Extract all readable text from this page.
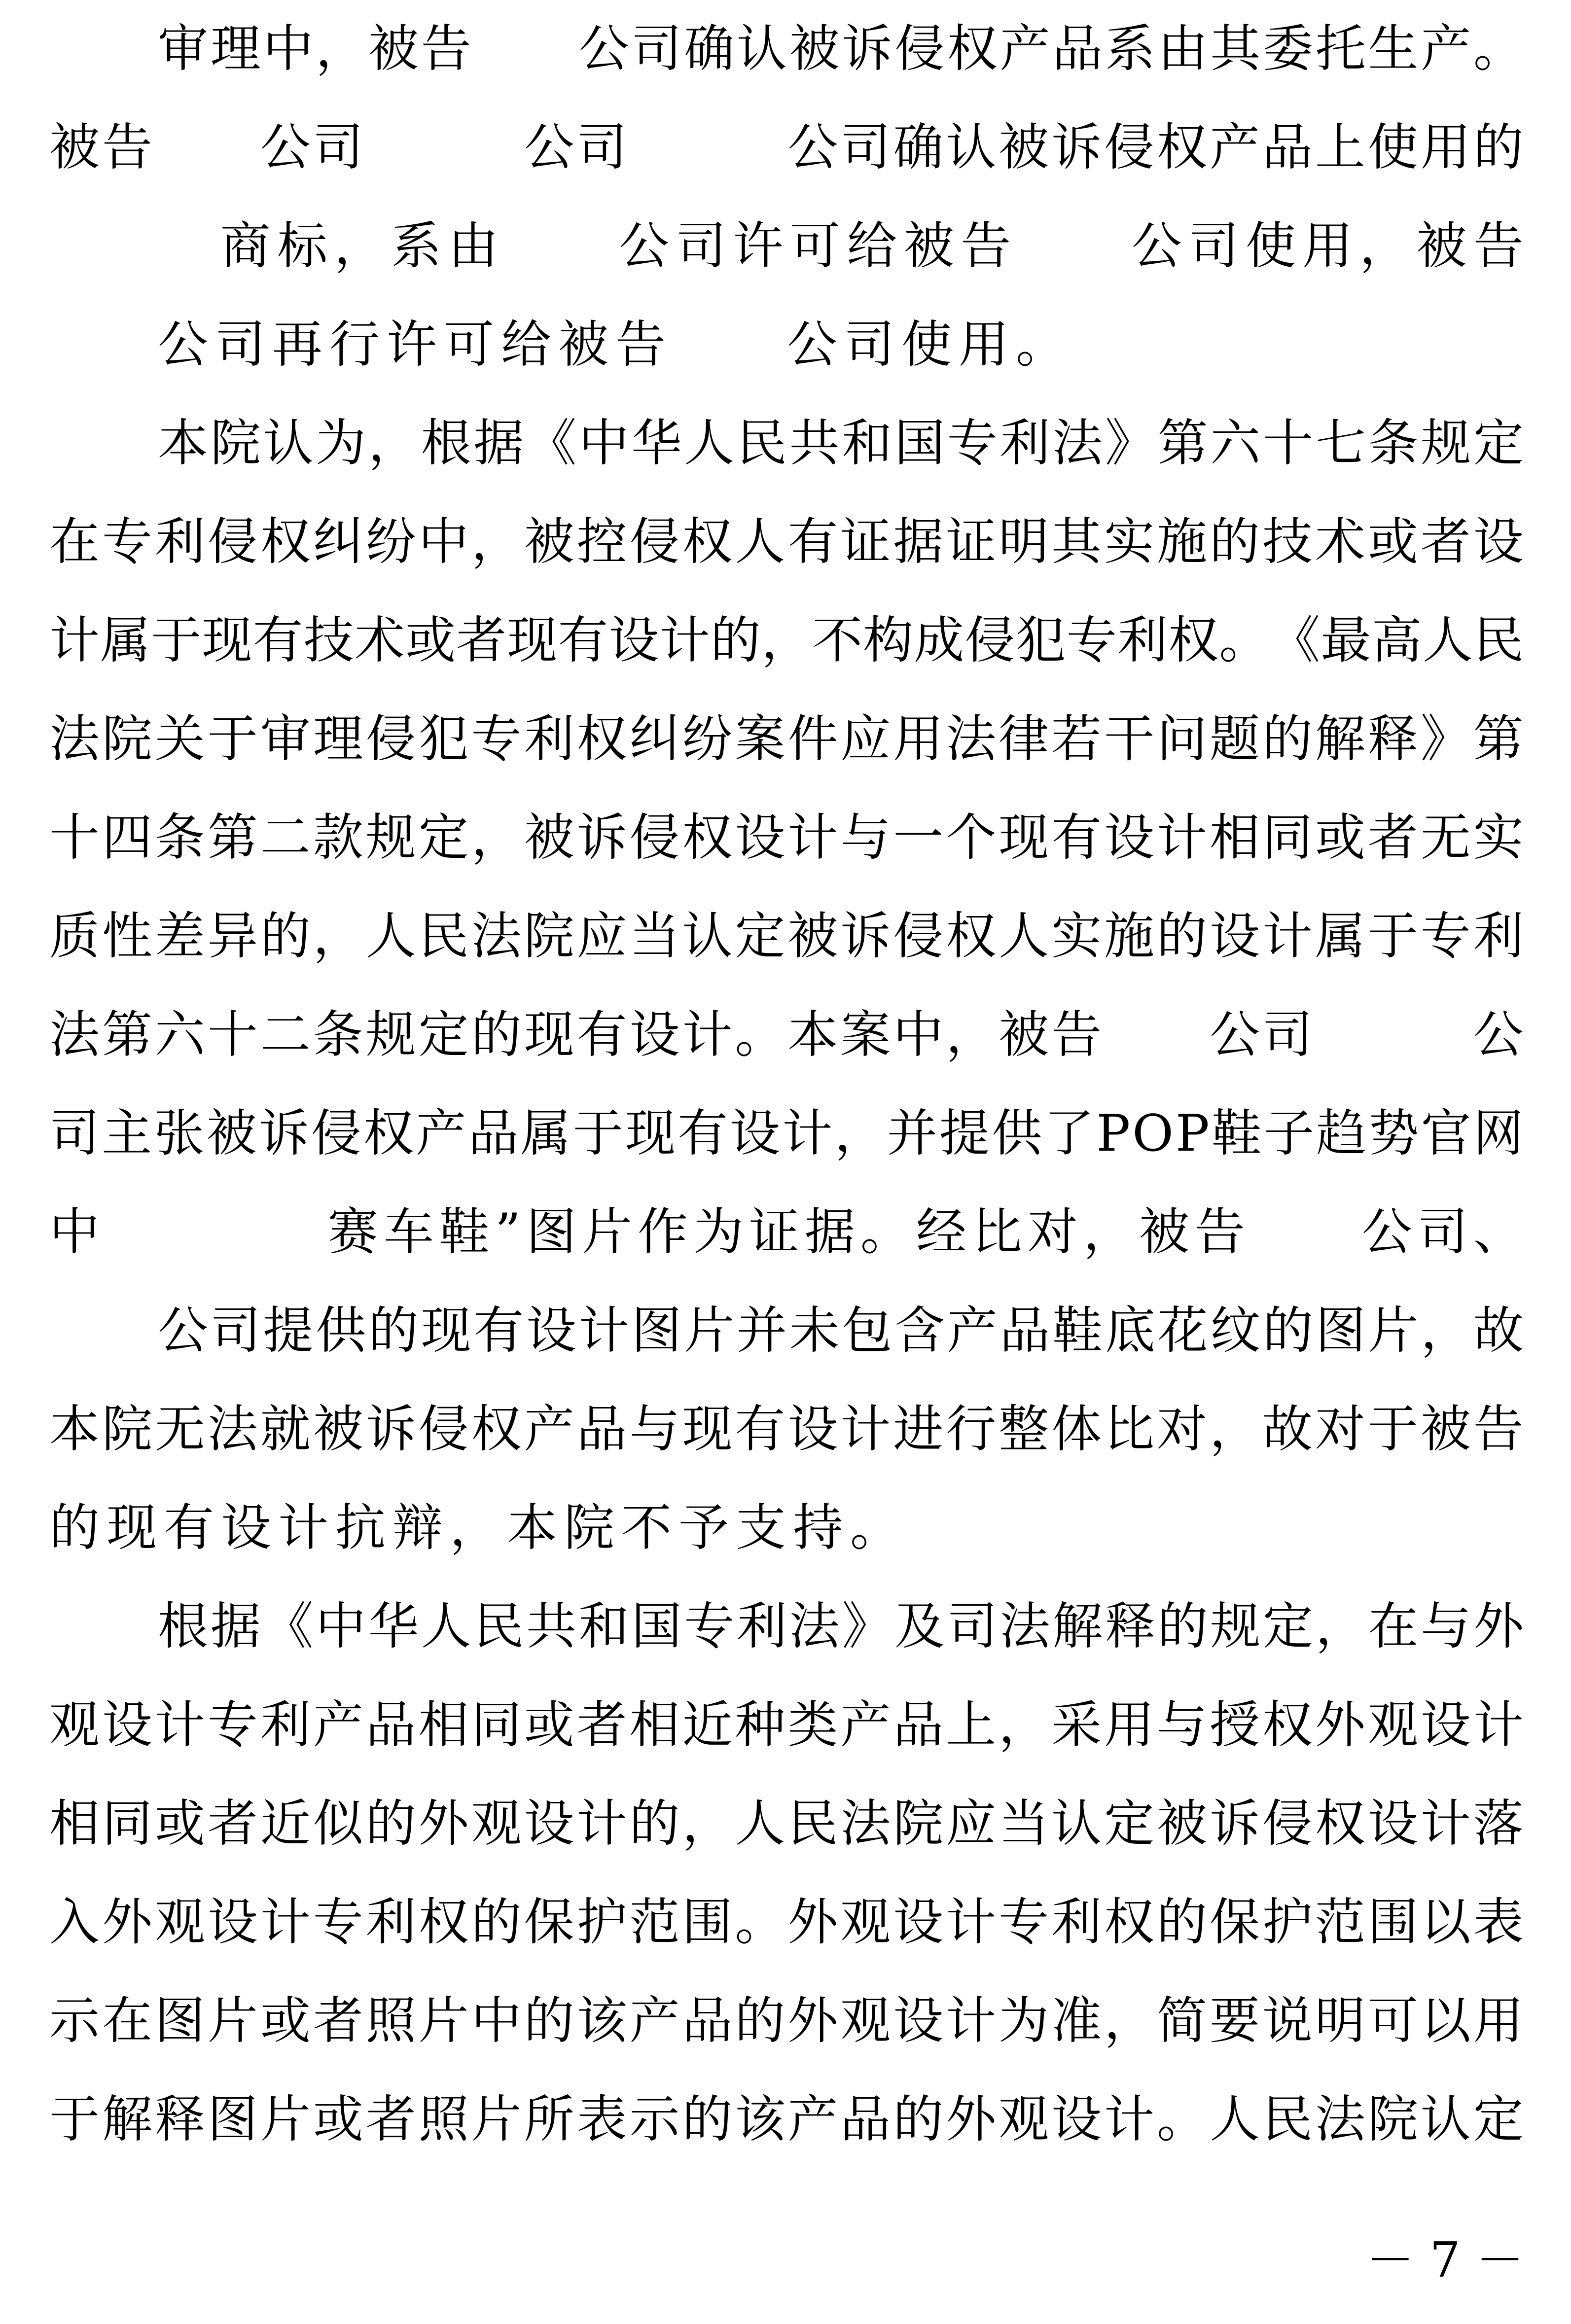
审 理 中 ， 被 告

　 公 司 确 认 被 诉 侵 权 产 品 系 由 其 委 托 生 产 。
被 告

　 公 司

　	公 司

　	公 司 确 认 被 诉 侵 权 产 品 上 使 用 的

商 标 ， 系 由

　 公 司 许 可 给 被 告

　 公 司 使 用 ， 被 告
公 司 再 行 许 可 给 被 告

　 公 司 使 用 。
本 院 认 为 ， 根 据 《 中 华 人 民 共 和 国 专 利 法 》 第 六 十 七 条 规 定
在 专 利 侵 权 纠 纷 中 ， 被 控 侵 权 人 有 证 据 证 明 其 实 施 的 技 术 或 者 设
计 属 于 现 有 技 术 或 者 现 有 设 计 的 ， 不 构 成 侵 犯 专 利 权 。 《 最 高 人 民
法 院 关 于 审 理 侵 犯 专 利 权 纠 纷 案 件 应 用 法 律 若 干 问 题 的 解 释 》 第
十 四 条 第 二 款 规 定 ， 被 诉 侵 权 设 计 与 一 个 现 有 设 计 相 同 或 者 无 实
质 性 差 异 的 ， 人 民 法 院 应 当 认 定 被 诉 侵 权 人 实 施 的 设 计 属 于 专 利
法 第 六 十 二 条 规 定 的 现 有 设 计 。 本 案 中 ， 被 告

　 公 司

　	公
司 主 张 被 诉 侵 权 产 品 属 于 现 有 设 计 ， 并 提 供 了 P O P 鞋 子 趋 势 官 网
中

　	赛 车 鞋 ” 图 片 作 为 证 据 。 经 比 对 ， 被 告

　 公 司 、
公 司 提 供 的 现 有 设 计 图 片 并 未 包 含 产 品 鞋 底 花 纹 的 图 片 ， 故
本 院 无 法 就 被 诉 侵 权 产 品 与 现 有 设 计 进 行 整 体 比 对 ， 故 对 于 被 告
的 现 有 设 计 抗 辩 ， 本 院 不 予 支 持 。
根 据 《 中 华 人 民 共 和 国 专 利 法 》 及 司 法 解 释 的 规 定 ， 在 与 外
观 设 计 专 利 产 品 相 同 或 者 相 近 种 类 产 品 上 ， 采 用 与 授 权 外 观 设 计
相 同 或 者 近 似 的 外 观 设 计 的 ， 人 民 法 院 应 当 认 定 被 诉 侵 权 设 计 落
入 外 观 设 计 专 利 权 的 保 护 范 围 。 外 观 设 计 专 利 权 的 保 护 范 围 以 表
示 在 图 片 或 者 照 片 中 的 该 产 品 的 外 观 设 计 为 准 ， 简 要 说 明 可 以 用
于 解 释 图 片 或 者 照 片 所 表 示 的 该 产 品 的 外 观 设 计 。 人 民 法 院 认 定
－ 7 －
